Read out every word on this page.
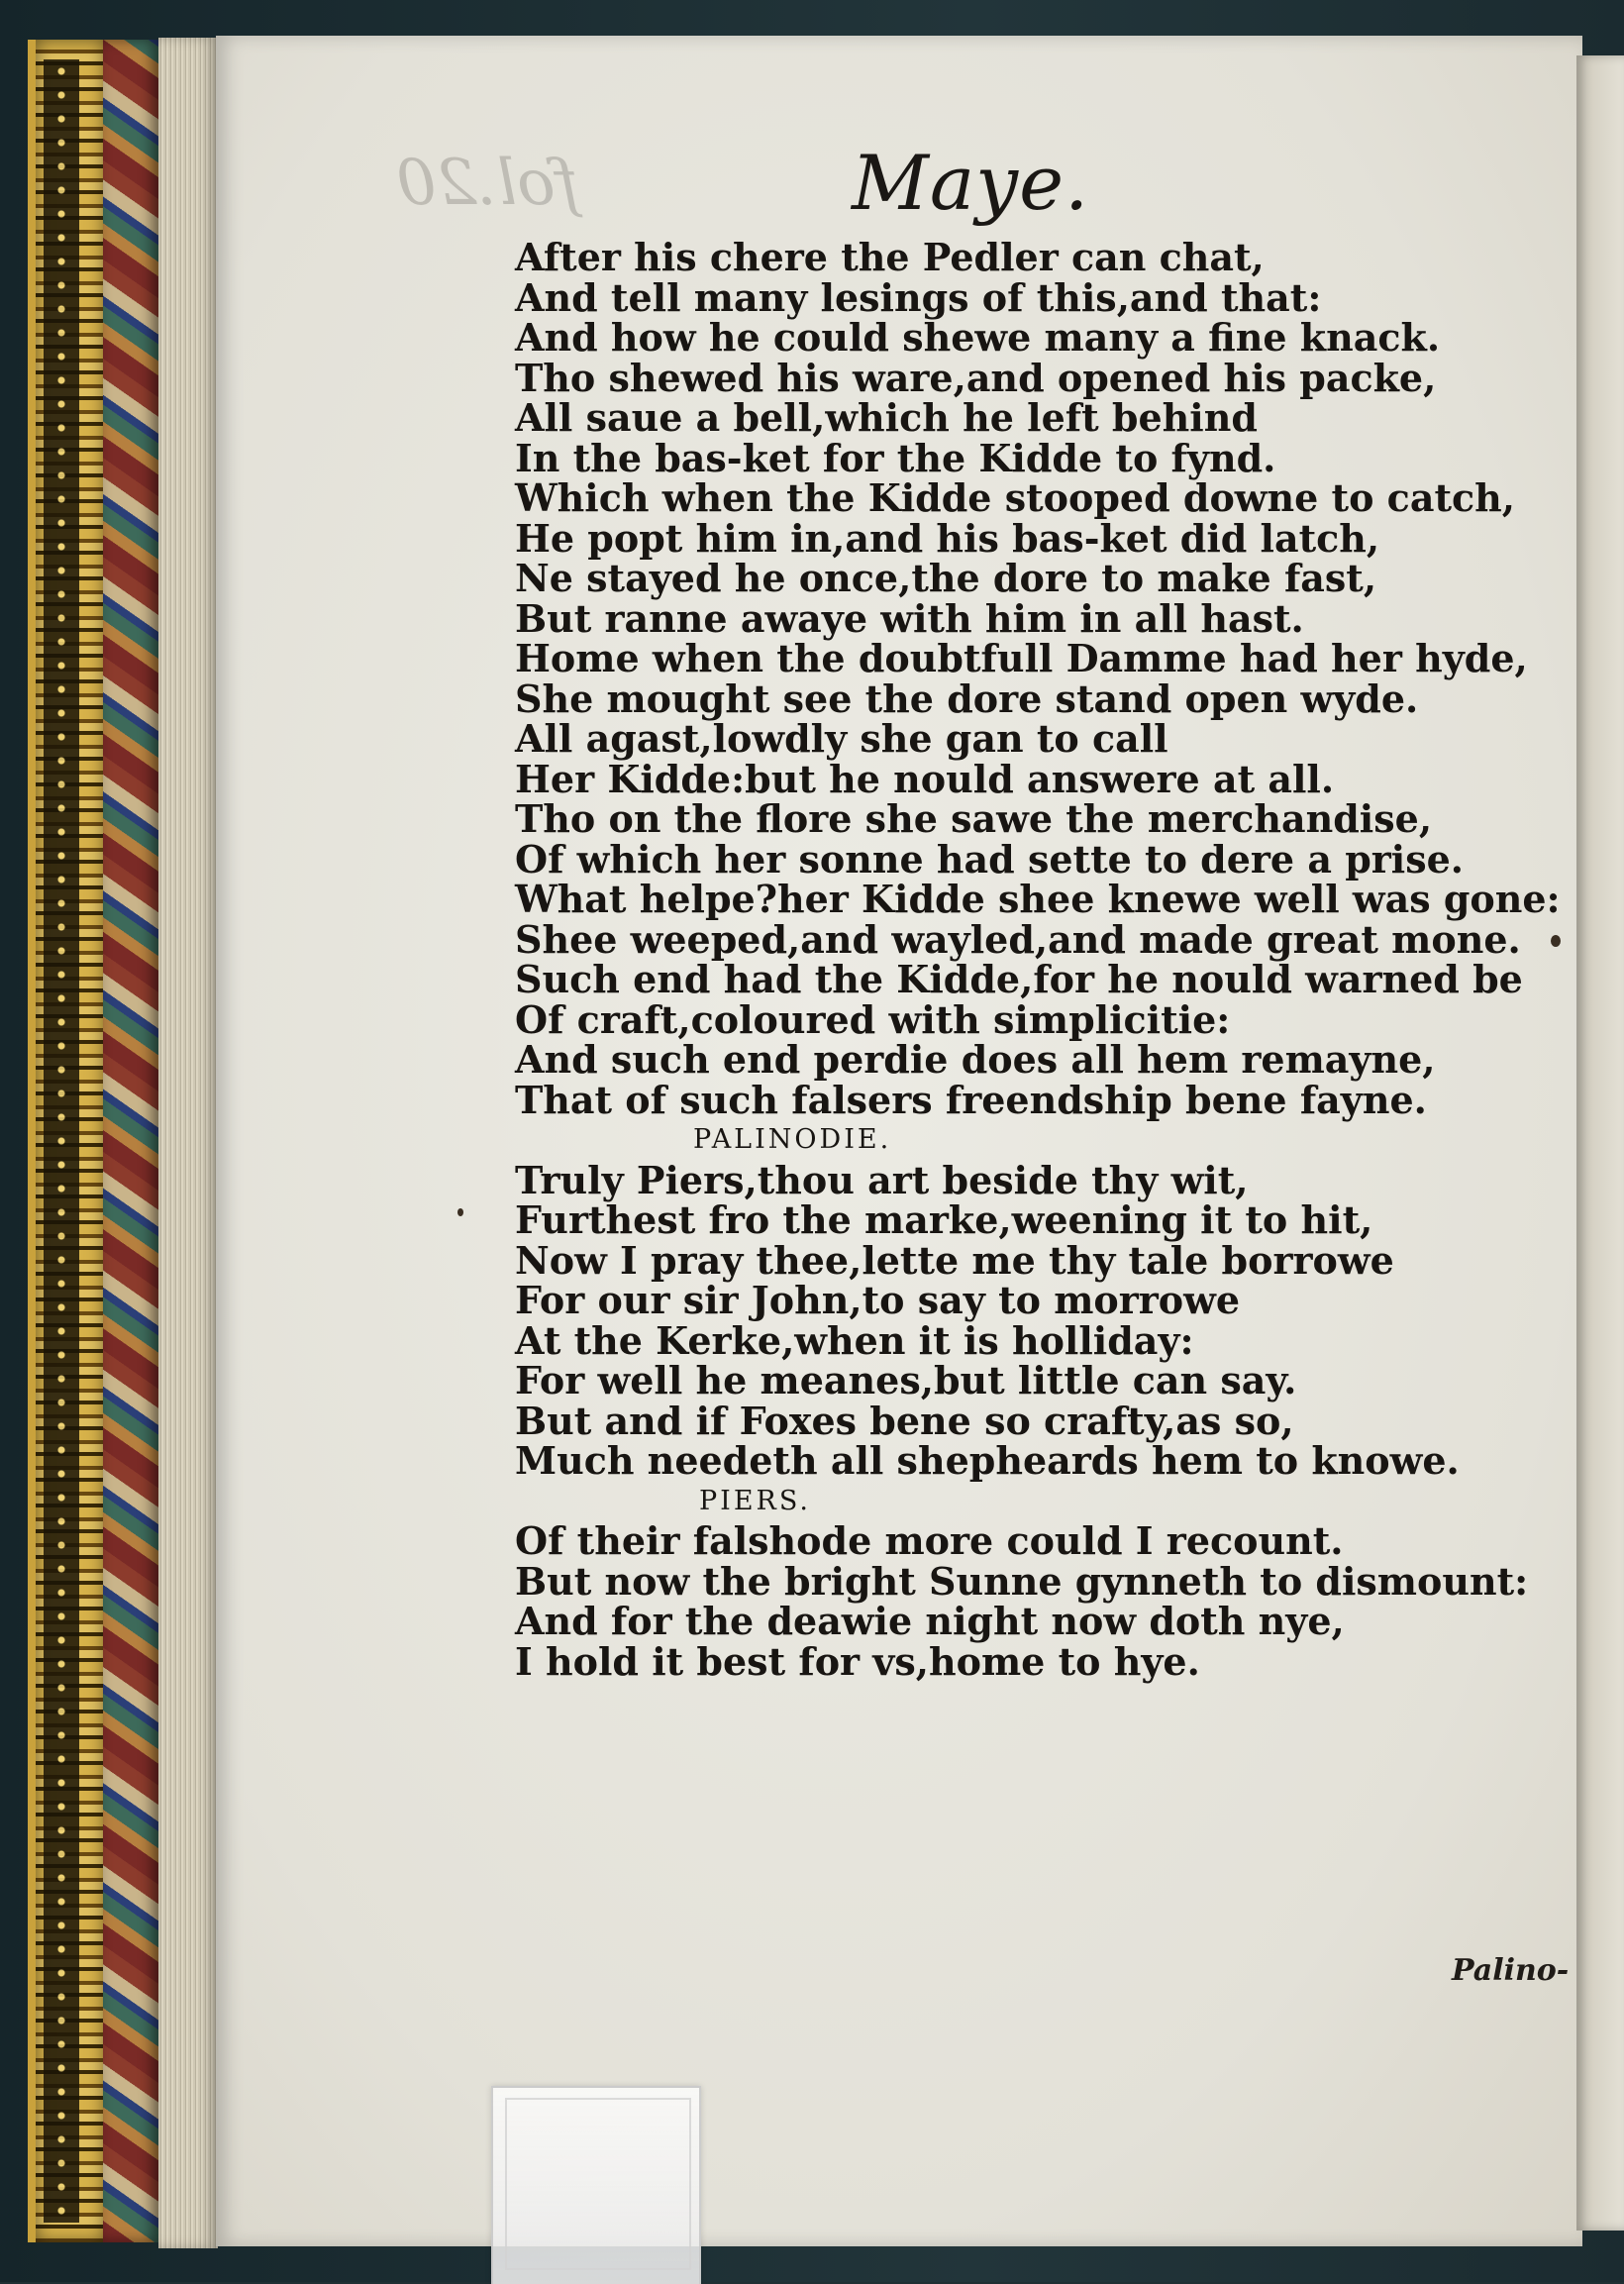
fol.20	Maye.
After his chere the Pedler can chat,
And tell many lesings of this,and that:
And how he could shewe many a fine knack.
Tho shewed his ware,and opened his packe,
All saue a bell,which he left behind
In the bas-ket for the Kidde to fynd.
Which when the Kidde stooped downe to catch,
He popt him in,and his bas-ket did latch,
Ne stayed he once,the dore to make fast,
But ranne awaye with him in all hast.
Home when the doubtfull Damme had her hyde,
She mought see the dore stand open wyde.
All agast,lowdly she gan to call
Her Kidde:but he nould answere at all.
Tho on the flore she sawe the merchandise,
Of which her sonne had sette to dere a prise.
What helpe?her Kidde shee knewe well was gone:
Shee weeped,and wayled,and made great mone.
Such end had the Kidde,for he nould warned be
Of craft,coloured with simplicitie:
And such end perdie does all hem remayne,
That of such falsers freendship bene fayne.
PALINODIE.
Truly Piers,thou art beside thy wit,
Furthest fro the marke,weening it to hit,
Now I pray thee,lette me thy tale borrowe
For our sir John,to say to morrowe
At the Kerke,when it is holliday:
For well he meanes,but little can say.
But and if Foxes bene so crafty,as so,
Much needeth all shepheards hem to knowe.
PIERS.
Of their falshode more could I recount.
But now the bright Sunne gynneth to dismount:
And for the deawie night now doth nye,
I hold it best for vs,home to hye.
Palino-
